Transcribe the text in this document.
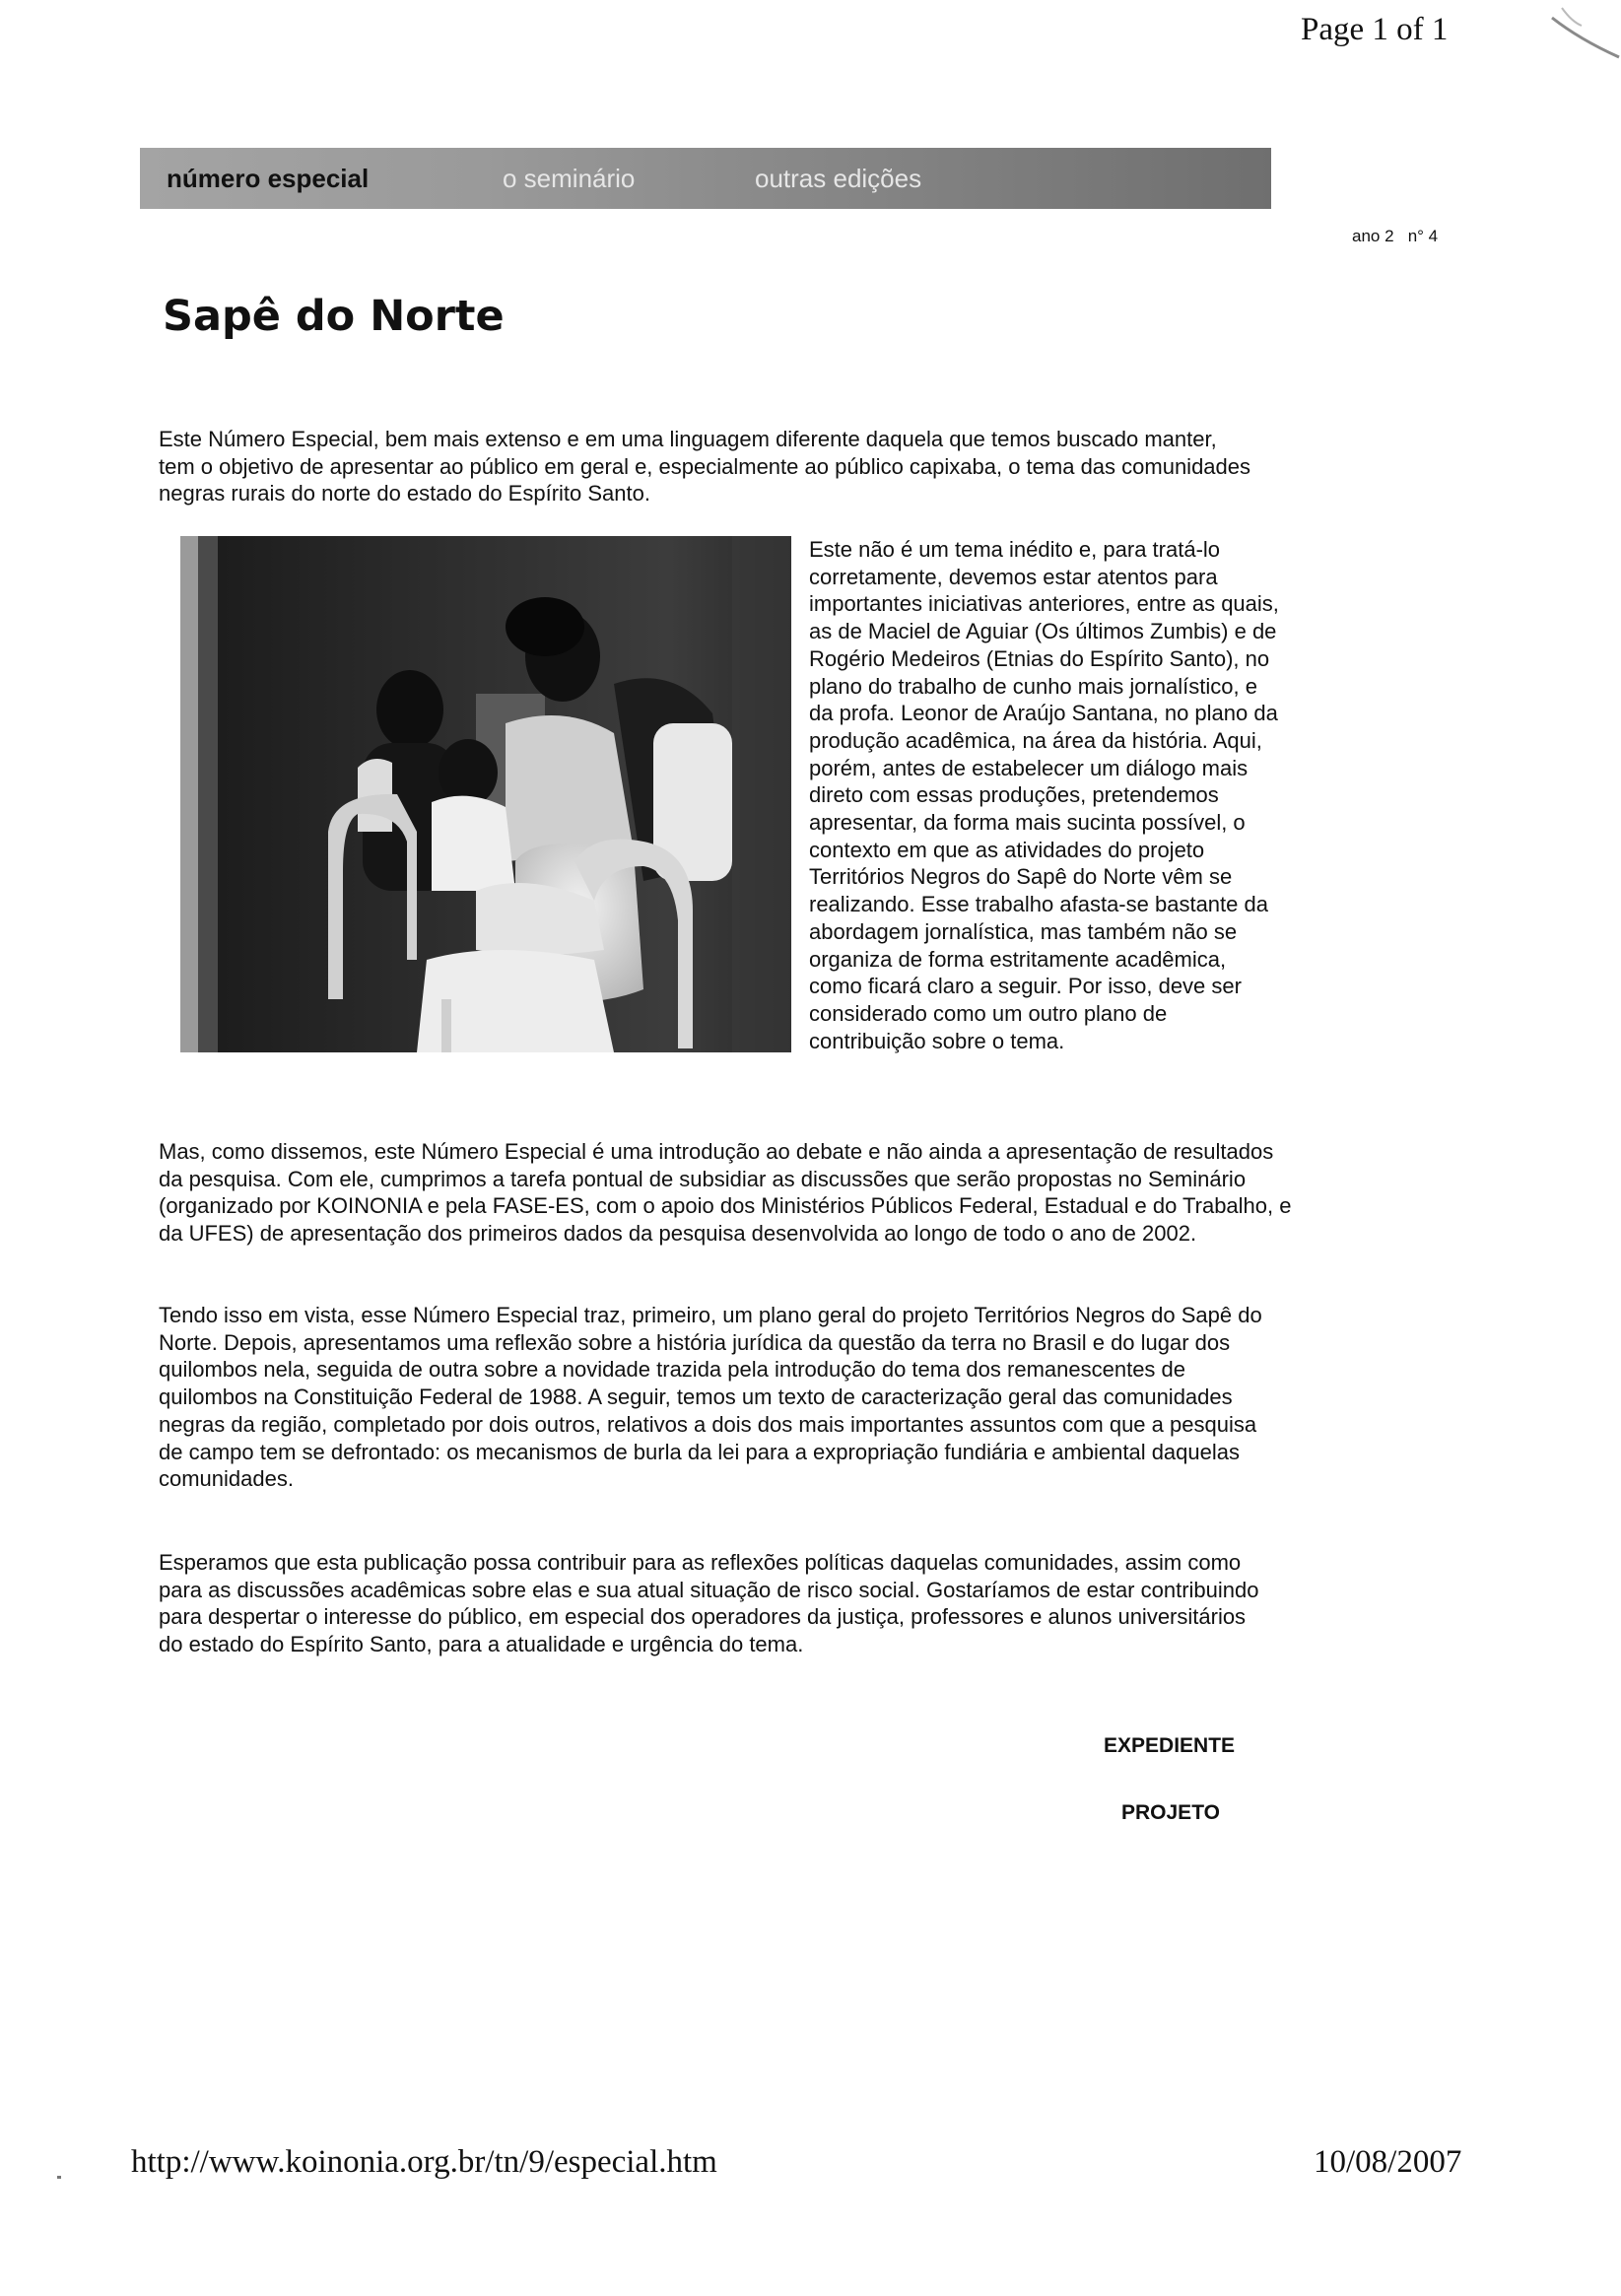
Page 1 of 1
número especial	o seminário	outras edições
ano 2   n° 4
Sapê do Norte

Este Número Especial, bem mais extenso e em uma linguagem diferente daquela que temos buscado manter, tem o objetivo de apresentar ao público em geral e, especialmente ao público capixaba, o tema das comunidades negras rurais do norte do estado do Espírito Santo.

Este não é um tema inédito e, para tratá-lo corretamente, devemos estar atentos para importantes iniciativas anteriores, entre as quais, as de Maciel de Aguiar (Os últimos Zumbis) e de Rogério Medeiros (Etnias do Espírito Santo), no plano do trabalho de cunho mais jornalístico, e da profa. Leonor de Araújo Santana, no plano da produção acadêmica, na área da história. Aqui, porém, antes de estabelecer um diálogo mais direto com essas produções, pretendemos apresentar, da forma mais sucinta possível, o contexto em que as atividades do projeto Territórios Negros do Sapê do Norte vêm se realizando. Esse trabalho afasta-se bastante da abordagem jornalística, mas também não se organiza de forma estritamente acadêmica, como ficará claro a seguir. Por isso, deve ser considerado como um outro plano de contribuição sobre o tema.

Mas, como dissemos, este Número Especial é uma introdução ao debate e não ainda a apresentação de resultados da pesquisa. Com ele, cumprimos a tarefa pontual de subsidiar as discussões que serão propostas no Seminário (organizado por KOINONIA e pela FASE-ES, com o apoio dos Ministérios Públicos Federal, Estadual e do Trabalho, e da UFES) de apresentação dos primeiros dados da pesquisa desenvolvida ao longo de todo o ano de 2002.

Tendo isso em vista, esse Número Especial traz, primeiro, um plano geral do projeto Territórios Negros do Sapê do Norte. Depois, apresentamos uma reflexão sobre a história jurídica da questão da terra no Brasil e do lugar dos quilombos nela, seguida de outra sobre a novidade trazida pela introdução do tema dos remanescentes de quilombos na Constituição Federal de 1988. A seguir, temos um texto de caracterização geral das comunidades negras da região, completado por dois outros, relativos a dois dos mais importantes assuntos com que a pesquisa de campo tem se defrontado: os mecanismos de burla da lei para a expropriação fundiária e ambiental daquelas comunidades.

Esperamos que esta publicação possa contribuir para as reflexões políticas daquelas comunidades, assim como para as discussões acadêmicas sobre elas e sua atual situação de risco social. Gostaríamos de estar contribuindo para despertar o interesse do público, em especial dos operadores da justiça, professores e alunos universitários do estado do Espírito Santo, para a atualidade e urgência do tema.

EXPEDIENTE
PROJETO
http://www.koinonia.org.br/tn/9/especial.htm	10/08/2007
